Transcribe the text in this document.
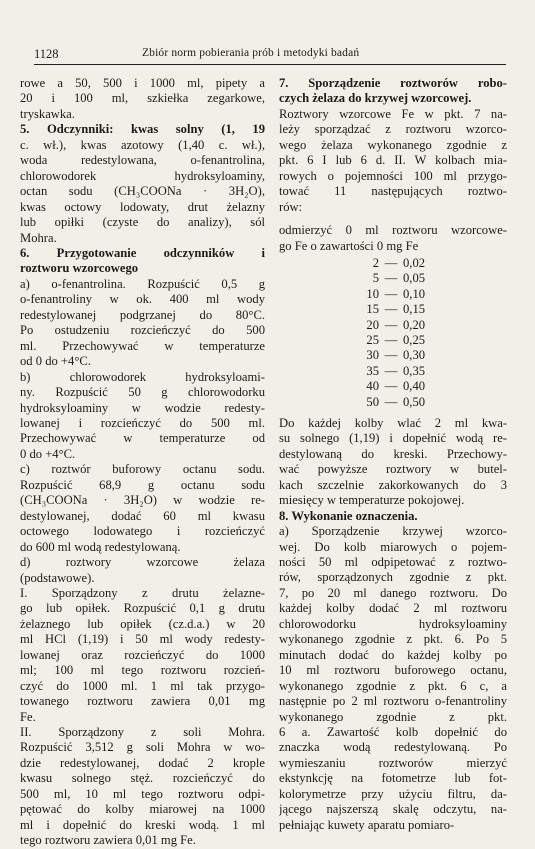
1128	Zbiór norm pobierania prób i metodyki badań
rowe a 50, 500 i 1000 ml, pipety a
20 i 100 ml, szkiełka zegarkowe,
tryskawka.
5. Odczynniki: kwas solny (1, 19
c. wł.), kwas azotowy (1,40 c. wł.),
woda redestylowana, o-fenantrolina,
chlorowodorek hydroksyloaminy,
octan sodu (CH₃COONa · 3H₂O),
kwas octowy lodowaty, drut żelazny
lub opiłki (czyste do analizy), sól
Mohra.
6. Przygotowanie odczynników i
roztworu wzorcowego
a) o-fenantrolina. Rozpuścić 0,5 g
o-fenantroliny w ok. 400 ml wody
redestylowanej podgrzanej do 80°C.
Po ostudzeniu rozcieńczyć do 500
ml. Przechowywać w temperaturze
od 0 do +4°C.
b) chlorowodorek hydroksyloami-
ny. Rozpuścić 50 g chlorowodorku
hydroksyloaminy w wodzie redesty-
lowanej i rozcieńczyć do 500 ml.
Przechowywać w temperaturze od
0 do +4°C.
c) roztwór buforowy octanu sodu.
Rozpuścić 68,9 g octanu sodu
(CH₃COONa · 3H₂O) w wodzie re-
destylowanej, dodać 60 ml kwasu
octowego lodowatego i rozcieńczyć
do 600 ml wodą redestylowaną.
d) roztwory wzorcowe żelaza
(podstawowe).
I. Sporządzony z drutu żelazne-
go lub opiłek. Rozpuścić 0,1 g drutu
żelaznego lub opiłek (cz.d.a.) w 20
ml HCl (1,19) i 50 ml wody redesty-
lowanej oraz rozcieńczyć do 1000
ml; 100 ml tego roztworu rozcień-
czyć do 1000 ml. 1 ml tak przygo-
towanego roztworu zawiera 0,01 mg
Fe.
II. Sporządzony z soli Mohra.
Rozpuścić 3,512 g soli Mohra w wo-
dzie redestylowanej, dodać 2 krople
kwasu solnego stęż. rozcieńczyć do
500 ml, 10 ml tego roztworu odpi-
pętować do kolby miarowej na 1000
ml i dopełnić do kreski wodą. 1 ml
tego roztworu zawiera 0,01 mg Fe.
7. Sporządzenie roztworów robo-
czych żelaza do krzywej wzorcowej.
Roztwory wzorcowe Fe w pkt. 7 na-
leży sporządzać z roztworu wzorco-
wego żelaza wykonanego zgodnie z
pkt. 6 I lub 6 d. II. W kolbach mia-
rowych o pojemności 100 ml przygo-
tować 11 następujących roztwo-
rów:
odmierzyć 0 ml roztworu wzorcowe-
go Fe o zawartości 0 mg Fe
2 — 0,02
5 — 0,05
10 — 0,10
15 — 0,15
20 — 0,20
25 — 0,25
30 — 0,30
35 — 0,35
40 — 0,40
50 — 0,50
Do każdej kolby wlać 2 ml kwa-
su solnego (1,19) i dopełnić wodą re-
destylowaną do kreski. Przechowy-
wać powyższe roztwory w butel-
kach szczelnie zakorkowanych do 3
miesięcy w temperaturze pokojowej.
8. Wykonanie oznaczenia.
a) Sporządzenie krzywej wzorco-
wej. Do kolb miarowych o pojem-
ności 50 ml odpipetować z roztwo-
rów, sporządzonych zgodnie z pkt.
7, po 20 ml danego roztworu. Do
każdej kolby dodać 2 ml roztworu
chlorowodorku hydroksyloaminy
wykonanego zgodnie z pkt. 6. Po 5
minutach dodać do każdej kolby po
10 ml roztworu buforowego octanu,
wykonanego zgodnie z pkt. 6 c, a
następnie po 2 ml roztworu o-fenantroliny
wykonanego zgodnie z pkt.
6 a. Zawartość kolb dopełnić do
znaczka wodą redestylowaną. Po
wymieszaniu roztworów mierzyć
ekstynkcję na fotometrze lub fot-
kolorymetrze przy użyciu filtru, da-
jącego najszerszą skalę odczytu, na-
pełniając kuwety aparatu pomiaro-
